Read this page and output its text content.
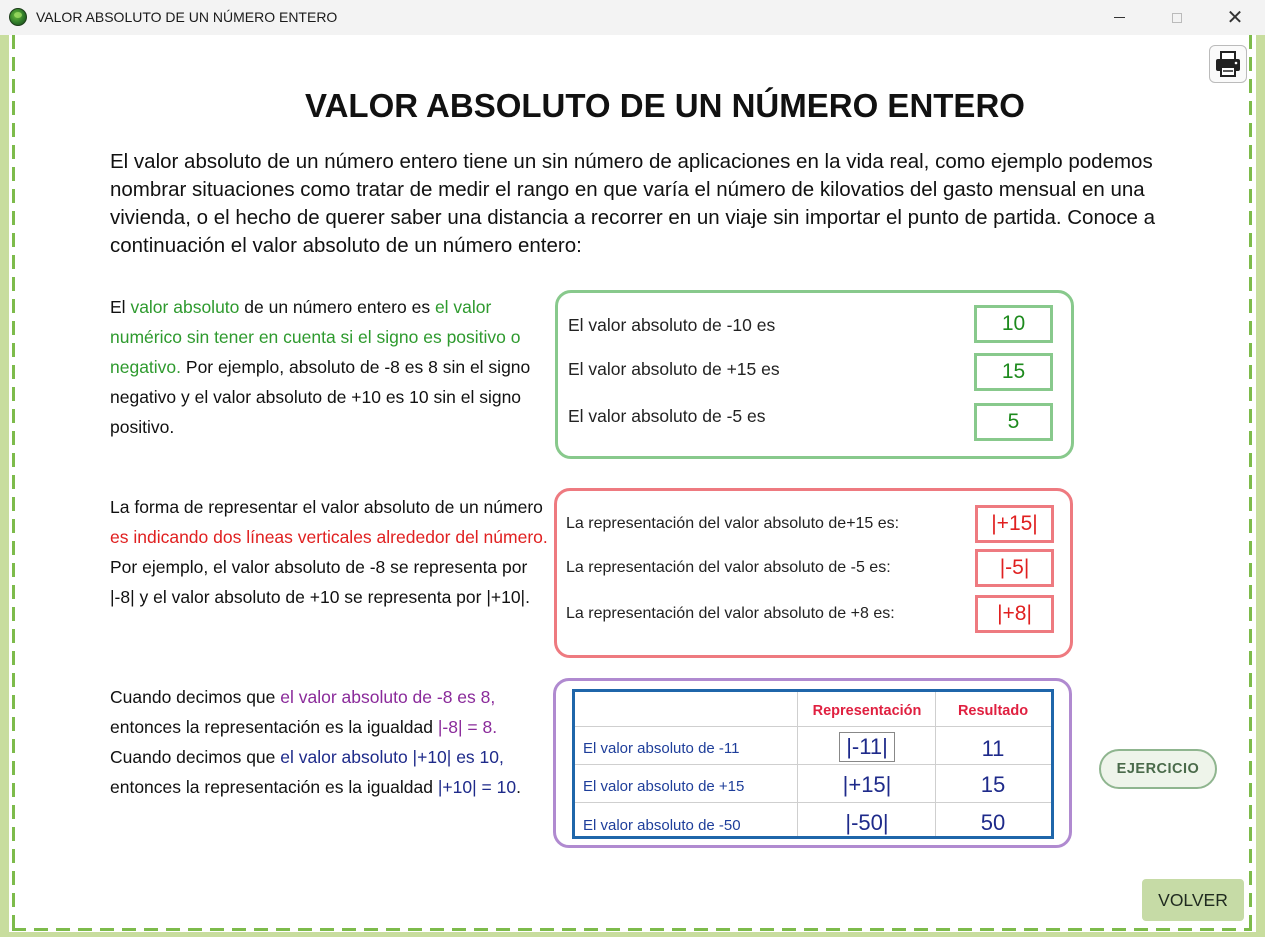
VALOR ABSOLUTO DE UN NÚMERO ENTERO	✕
VALOR ABSOLUTO DE UN NÚMERO ENTERO
El valor absoluto de un número entero tiene un sin número de aplicaciones en la vida real, como ejemplo podemos nombrar situaciones como tratar de medir el rango en que varía el número de kilovatios del gasto mensual en una vivienda, o el hecho de querer saber una distancia a recorrer en un viaje sin importar el punto de partida. Conoce a continuación el valor absoluto de un número entero:
El valor absoluto de un número entero es el valor numérico sin tener en cuenta si el signo es positivo o negativo. Por ejemplo, absoluto de -8 es 8 sin el signo negativo y el valor absoluto de +10 es 10 sin el signo positivo.
La forma de representar el valor absoluto de un número es indicando dos líneas verticales alrededor del número. Por ejemplo, el valor absoluto de -8 se representa por |-8| y el valor absoluto de +10 se representa por |+10|.
Cuando decimos que el valor absoluto de -8 es 8, entonces la representación es la igualdad |-8| = 8. Cuando decimos que el valor absoluto |+10| es 10, entonces la representación es la igualdad |+10| = 10.
El valor absoluto de -10 es	10
El valor absoluto de +15 es	15
El valor absoluto de -5 es	5
La representación del valor absoluto de+15 es:	|+15|
La representación del valor absoluto de -5 es:	|-5|
La representación del valor absoluto de +8 es:	|+8|
Representación	Resultado
El valor absoluto de -11	|-11|	11
El valor absoluto de +15	|+15|	15
El valor absoluto de -50	|-50|	50
EJERCICIO
VOLVER
